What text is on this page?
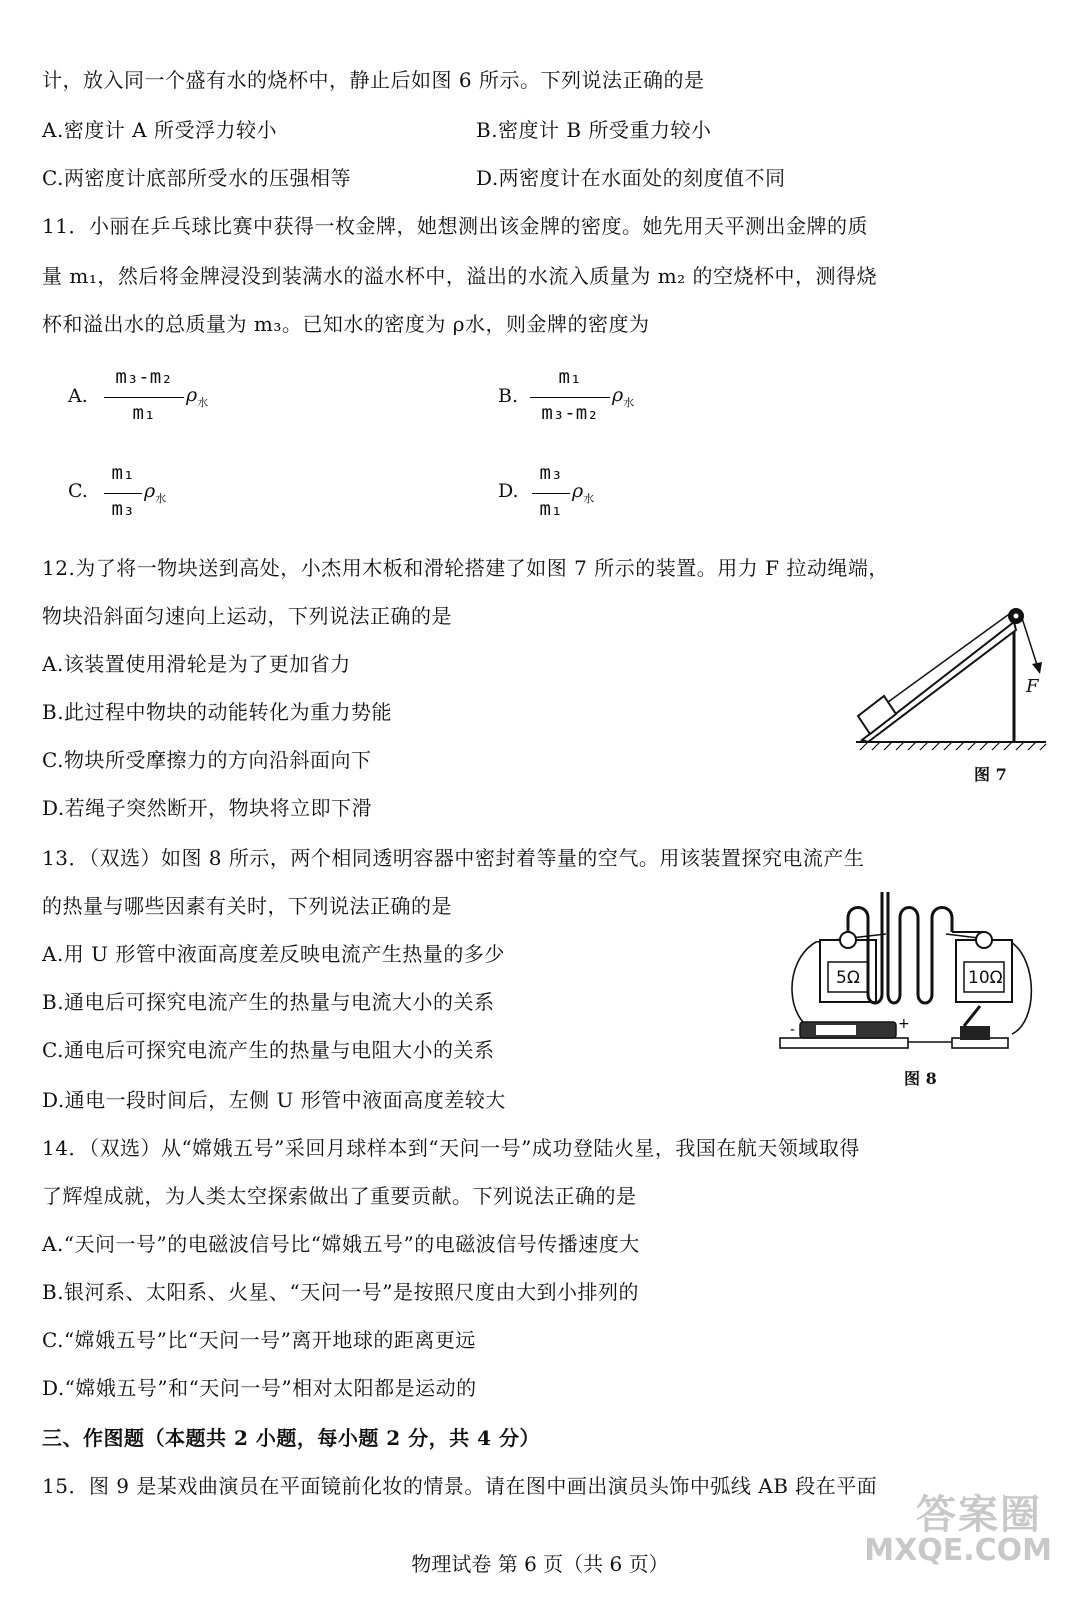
计，放入同一个盛有水的烧杯中，静止后如图 6 所示。下列说法正确的是
A.密度计 A 所受浮力较小	B.密度计 B 所受重力较小
C.两密度计底部所受水的压强相等	D.两密度计在水面处的刻度值不同
11．小丽在乒乓球比赛中获得一枚金牌，她想测出该金牌的密度。她先用天平测出金牌的质
量 m₁，然后将金牌浸没到装满水的溢水杯中，溢出的水流入质量为 m₂ 的空烧杯中，测得烧
杯和溢出水的总质量为 m₃。已知水的密度为 ρ水，则金牌的密度为
A.
m₃-m₂
m₁
$\rho_水$	B.
m₁
m₃-m₂
$\rho_水$
C.
m₁
m₃
$\rho_水$	D.
m₃
m₁
$\rho_水$
12.为了将一物块送到高处，小杰用木板和滑轮搭建了如图 7 所示的装置。用力 F 拉动绳端，
物块沿斜面匀速向上运动，下列说法正确的是
A.该装置使用滑轮是为了更加省力
B.此过程中物块的动能转化为重力势能
C.物块所受摩擦力的方向沿斜面向下
D.若绳子突然断开，物块将立即下滑
F
图 7
13．（双选）如图 8 所示，两个相同透明容器中密封着等量的空气。用该装置探究电流产生
的热量与哪些因素有关时，下列说法正确的是
A.用 U 形管中液面高度差反映电流产生热量的多少
B.通电后可探究电流产生的热量与电流大小的关系
C.通电后可探究电流产生的热量与电阻大小的关系
D.通电一段时间后，左侧 U 形管中液面高度差较大
-	+
5Ω	10Ω
图 8
14．（双选）从“嫦娥五号”采回月球样本到“天问一号”成功登陆火星，我国在航天领域取得
了辉煌成就，为人类太空探索做出了重要贡献。下列说法正确的是
A.“天问一号”的电磁波信号比“嫦娥五号”的电磁波信号传播速度大
B.银河系、太阳系、火星、“天问一号”是按照尺度由大到小排列的
C.“嫦娥五号”比“天问一号”离开地球的距离更远
D.“嫦娥五号”和“天问一号”相对太阳都是运动的
三、作图题（本题共 2 小题，每小题 2 分，共 4 分）
15．图 9 是某戏曲演员在平面镜前化妆的情景。请在图中画出演员头饰中弧线 AB 段在平面
物理试卷 第 6 页（共 6 页）
答案圈
MXQE.COM
